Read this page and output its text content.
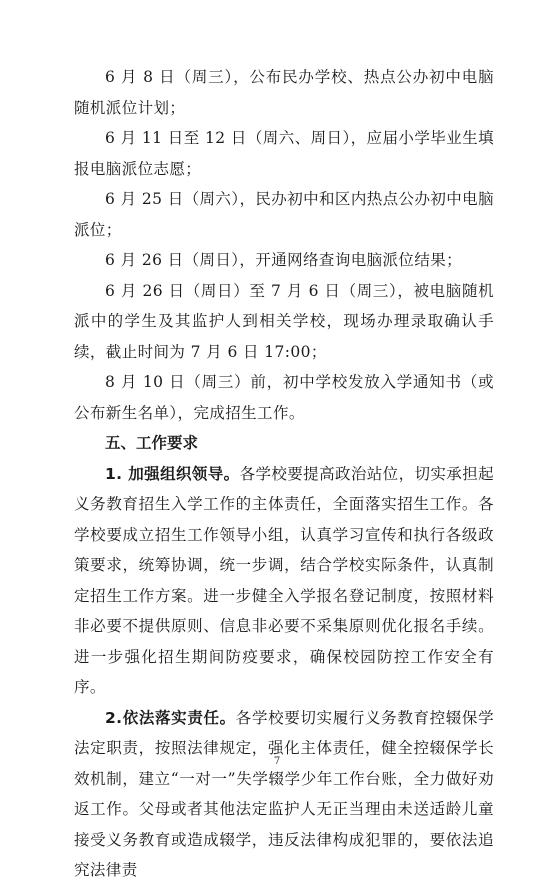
6 月 8 日（周三），公布民办学校、热点公办初中电脑随机派位计划；

6 月 11 日至 12 日（周六、周日），应届小学毕业生填报电脑派位志愿；

6 月 25 日（周六），民办初中和区内热点公办初中电脑派位；

6 月 26 日（周日），开通网络查询电脑派位结果；

6 月 26 日（周日）至 7 月 6 日（周三），被电脑随机派中的学生及其监护人到相关学校，现场办理录取确认手续，截止时间为 7 月 6 日 17:00；

8 月 10 日（周三）前，初中学校发放入学通知书（或公布新生名单），完成招生工作。

五、工作要求

1. 加强组织领导。各学校要提高政治站位，切实承担起义务教育招生入学工作的主体责任，全面落实招生工作。各学校要成立招生工作领导小组，认真学习宣传和执行各级政策要求，统筹协调，统一步调，结合学校实际条件，认真制定招生工作方案。进一步健全入学报名登记制度，按照材料非必要不提供原则、信息非必要不采集原则优化报名手续。进一步强化招生期间防疫要求，确保校园防控工作安全有序。

2.依法落实责任。各学校要切实履行义务教育控辍保学法定职责，按照法律规定，强化主体责任，健全控辍保学长效机制，建立“一对一”失学辍学少年工作台账，全力做好劝返工作。父母或者其他法定监护人无正当理由未送适龄儿童接受义务教育或造成辍学，违反法律构成犯罪的，要依法追究法律责

7
